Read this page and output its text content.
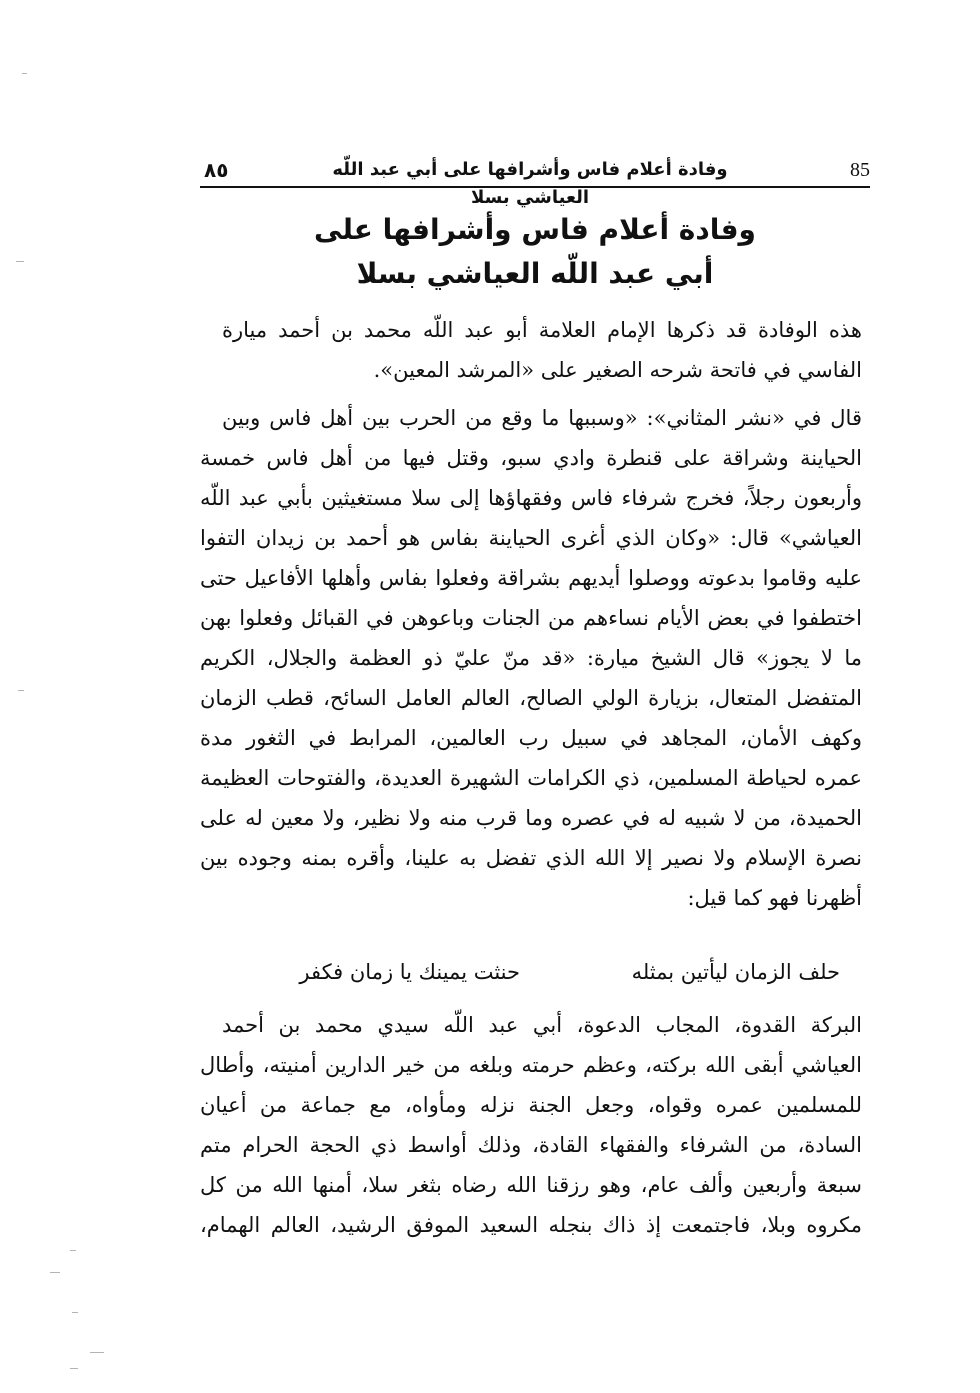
85
وفادة أعلام فاس وأشرافها على أبي عبد اللّه العياشي بسلا
٨٥
وفادة أعلام فاس وأشرافها على
أبي عبد اللّه العياشي بسلا
هذه الوفادة قد ذكرها الإمام العلامة أبو عبد اللّه محمد بن أحمد ميارة
الفاسي في فاتحة شرحه الصغير على «المرشد المعين».
قال في «نشر المثاني»: «وسببها ما وقع من الحرب بين أهل فاس وبين
الحياينة وشراقة على قنطرة وادي سبو، وقتل فيها من أهل فاس خمسة
وأربعون رجلاً، فخرج شرفاء فاس وفقهاؤها إلى سلا مستغيثين بأبي عبد اللّه
العياشي» قال: «وكان الذي أغرى الحياينة بفاس هو أحمد بن زيدان التفوا
عليه وقاموا بدعوته ووصلوا أيديهم بشراقة وفعلوا بفاس وأهلها الأفاعيل حتى
اختطفوا في بعض الأيام نساءهم من الجنات وباعوهن في القبائل وفعلوا بهن
ما لا يجوز» قال الشيخ ميارة: «قد منّ عليّ ذو العظمة والجلال، الكريم
المتفضل المتعال، بزيارة الولي الصالح، العالم العامل السائح، قطب الزمان
وكهف الأمان، المجاهد في سبيل رب العالمين، المرابط في الثغور مدة
عمره لحياطة المسلمين، ذي الكرامات الشهيرة العديدة، والفتوحات العظيمة
الحميدة، من لا شبيه له في عصره وما قرب منه ولا نظير، ولا معين له على
نصرة الإسلام ولا نصير إلا الله الذي تفضل به علينا، وأقره بمنه وجوده بين
أظهرنا فهو كما قيل:
حلف الزمان ليأتين بمثله
حنثت يمينك يا زمان فكفر
البركة القدوة، المجاب الدعوة، أبي عبد اللّه سيدي محمد بن أحمد
العياشي أبقى الله بركته، وعظم حرمته وبلغه من خير الدارين أمنيته، وأطال
للمسلمين عمره وقواه، وجعل الجنة نزله ومأواه، مع جماعة من أعيان
السادة، من الشرفاء والفقهاء القادة، وذلك أواسط ذي الحجة الحرام متم
سبعة وأربعين وألف عام، وهو رزقنا الله رضاه بثغر سلا، أمنها الله من كل
مكروه وبلا، فاجتمعت إذ ذاك بنجله السعيد الموفق الرشيد، العالم الهمام،
